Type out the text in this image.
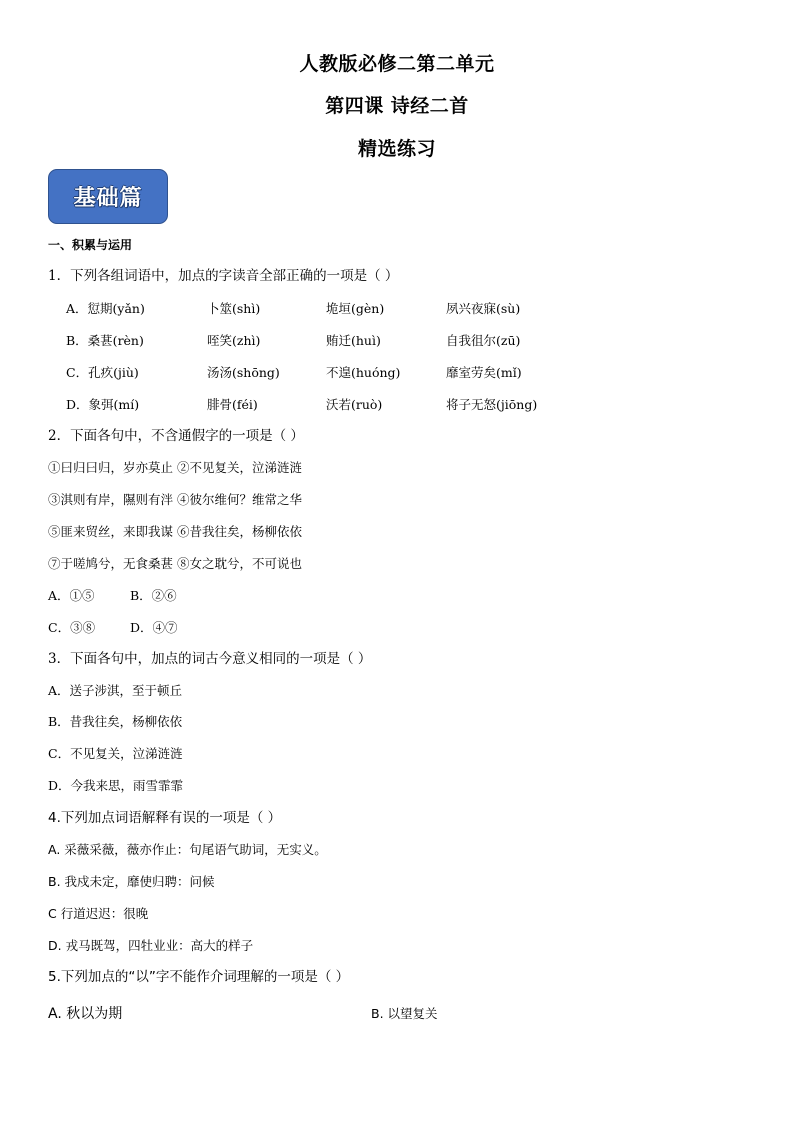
人教版必修二第二单元
第四课 诗经二首
精选练习
基础篇
一、积累与运用
1．下列各组词语中，加点的字读音全部正确的一项是（ ）
A．愆期(yǎn)	卜筮(shì)	垝垣(gèn)	夙兴夜寐(sù)
B．桑葚(rèn)	咥笑(zhì)	贿迁(huì)	自我徂尔(zū)
C．孔疚(jiù)	汤汤(shōng)	不遑(huóng)	靡室劳矣(mǐ)
D．象弭(mí)	腓骨(féi)	沃若(ruò)	将子无怒(jiōng)
2．下面各句中，不含通假字的一项是（ ）
①曰归曰归，岁亦莫止 ②不见复关，泣涕涟涟
③淇则有岸，隰则有泮 ④彼尔维何？维常之华
⑤匪来贸丝，来即我谋 ⑥昔我往矣，杨柳依依
⑦于嗟鸠兮，无食桑葚 ⑧女之耽兮，不可说也
A．①⑤	B．②⑥
C．③⑧	D．④⑦
3．下面各句中，加点的词古今意义相同的一项是（ ）
A．送子涉淇，至于顿丘
B．昔我往矣，杨柳依依
C．不见复关，泣涕涟涟
D．今我来思，雨雪霏霏
4.下列加点词语解释有误的一项是（ ）
A. 采薇采薇，薇亦作止：句尾语气助词，无实义。
B. 我戍未定，靡使归聘：问候
C 行道迟迟：很晚
D. 戎马既驾，四牡业业：高大的样子
5.下列加点的“以”字不能作介词理解的一项是（ ）
A. 秋以为期	B. 以望复关
